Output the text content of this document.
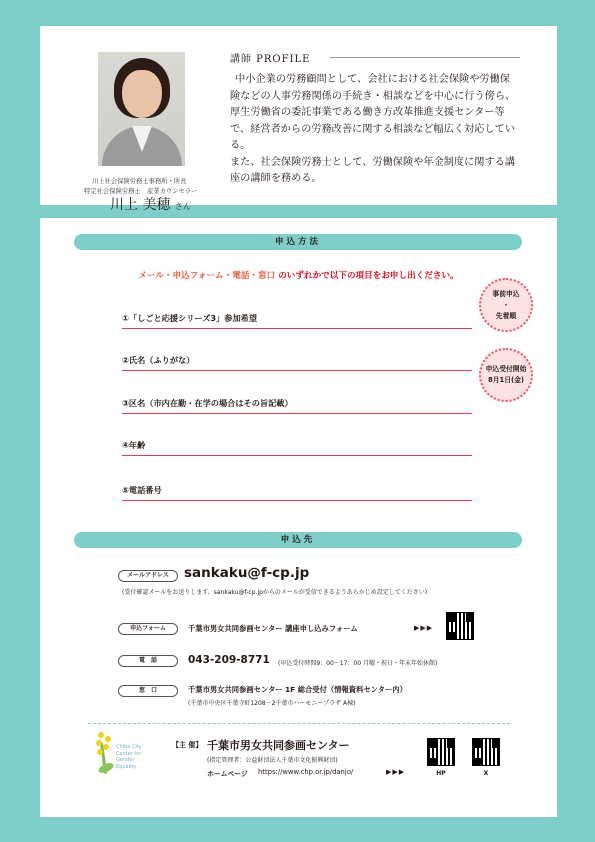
川上社会保険労務士事務所・所長
特定社会保険労務士　産業カウンセラー
川上 美穂 さん
講師 PROFILE

中小企業の労務顧問として、会社における社会保険や労働保険などの人事労務関係の手続き・相談などを中心に行う傍ら、厚生労働省の委託事業である働き方改革推進支援センター等で、経営者からの労務改善に関する相談など幅広く対応している。

また、社会保険労務士として、労働保険や年金制度に関する講座の講師を務める。

申込方法
メール・申込フォーム・電話・窓口 のいずれかで以下の項目をお申し出ください。
①「しごと応援シリーズ3」参加希望
②氏名（ふりがな）
③区名（市内在勤・在学の場合はその旨記載）
④年齢
⑤電話番号
事前申込
・
先着順
申込受付開始
8月1日(金)
申込先
メールアドレス	sankaku@f-cp.jp
(受付確認メールをお送りします。sankaku@f-cp.jpからのメールが受信できるようあらかじめ設定してください)
申込フォーム	千葉市男女共同参画センター 講座申し込みフォーム	▶▶▶
電　話	043-209-8771 (申込受付時間9：00～17：00 月曜・祝日・年末年始休館)
窓　口	千葉市男女共同参画センター 1F 総合受付（情報資料センター内）
(千葉市中央区千葉寺町1208－2千葉市ハーモニープラザ A棟)
Chiba City
Center for
Gender
Equality
【主 催】 千葉市男女共同参画センター
(指定管理者：公益財団法人千葉市文化振興財団)
ホームページ https://www.chp.or.jp/danjo/	▶▶▶	HP	X
